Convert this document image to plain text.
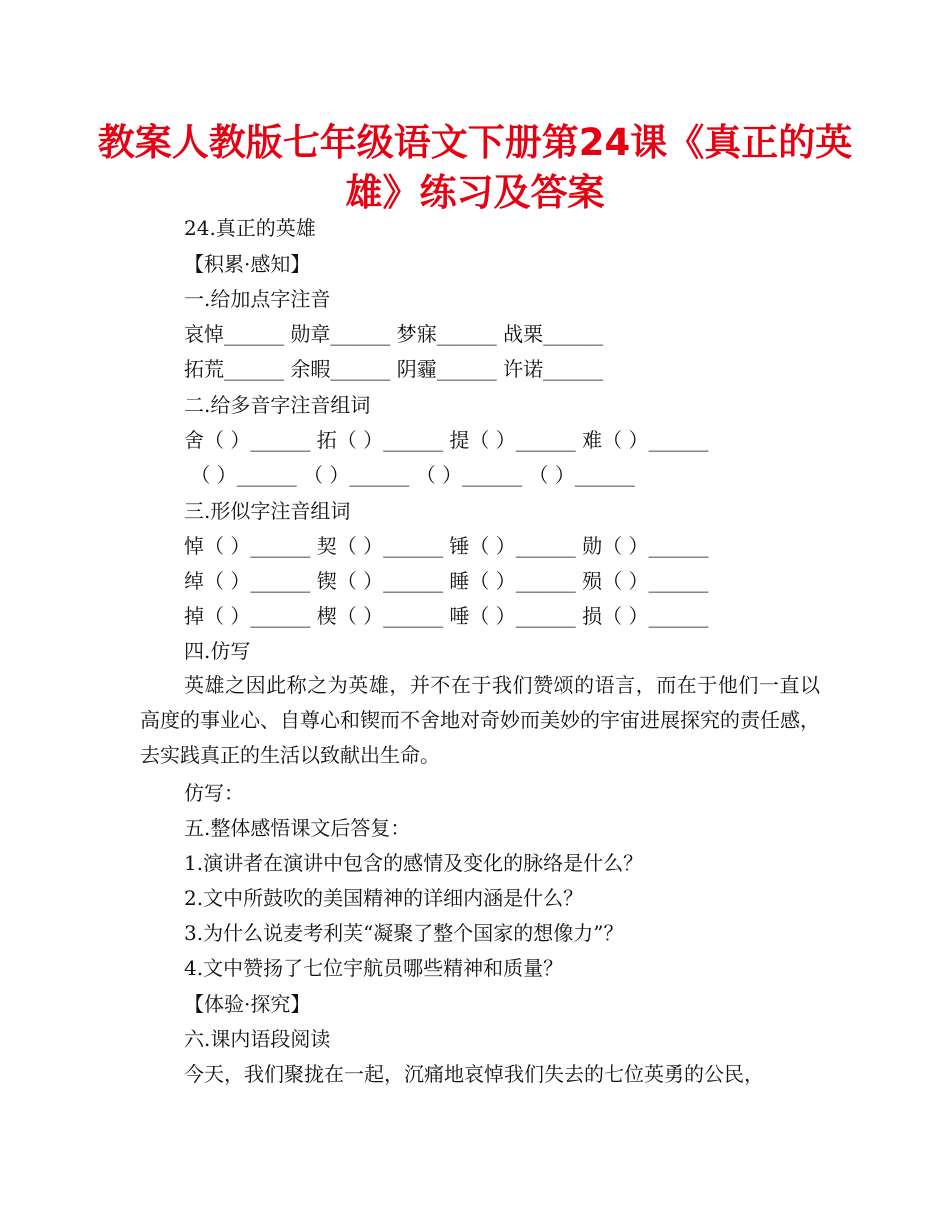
教案人教版七年级语文下册第24课《真正的英雄》练习及答案
24.真正的英雄
【积累·感知】
一.给加点字注音
哀悼______ 勋章______ 梦寐______ 战栗______
拓荒______ 余暇______ 阴霾______ 许诺______
二.给多音字注音组词
舍（ ）______ 拓（ ）______ 提（ ）______ 难（ ）______
（ ）______ （ ）______ （ ）______ （ ）______
三.形似字注音组词
悼（ ）______ 契（ ）______ 锤（ ）______ 勋（ ）______
绰（ ）______ 锲（ ）______ 睡（ ）______ 殒（ ）______
掉（ ）______ 楔（ ）______ 唾（ ）______ 损（ ）______
四.仿写
英雄之因此称之为英雄，并不在于我们赞颂的语言，而在于他们一直以高度的事业心、自尊心和锲而不舍地对奇妙而美妙的宇宙进展探究的责任感，去实践真正的生活以致献出生命。
仿写：
五.整体感悟课文后答复：
1.演讲者在演讲中包含的感情及变化的脉络是什么？
2.文中所鼓吹的美国精神的详细内涵是什么？
3.为什么说麦考利芙“凝聚了整个国家的想像力”？
4.文中赞扬了七位宇航员哪些精神和质量？
【体验·探究】
六.课内语段阅读
今天，我们聚拢在一起，沉痛地哀悼我们失去的七位英勇的公民，
